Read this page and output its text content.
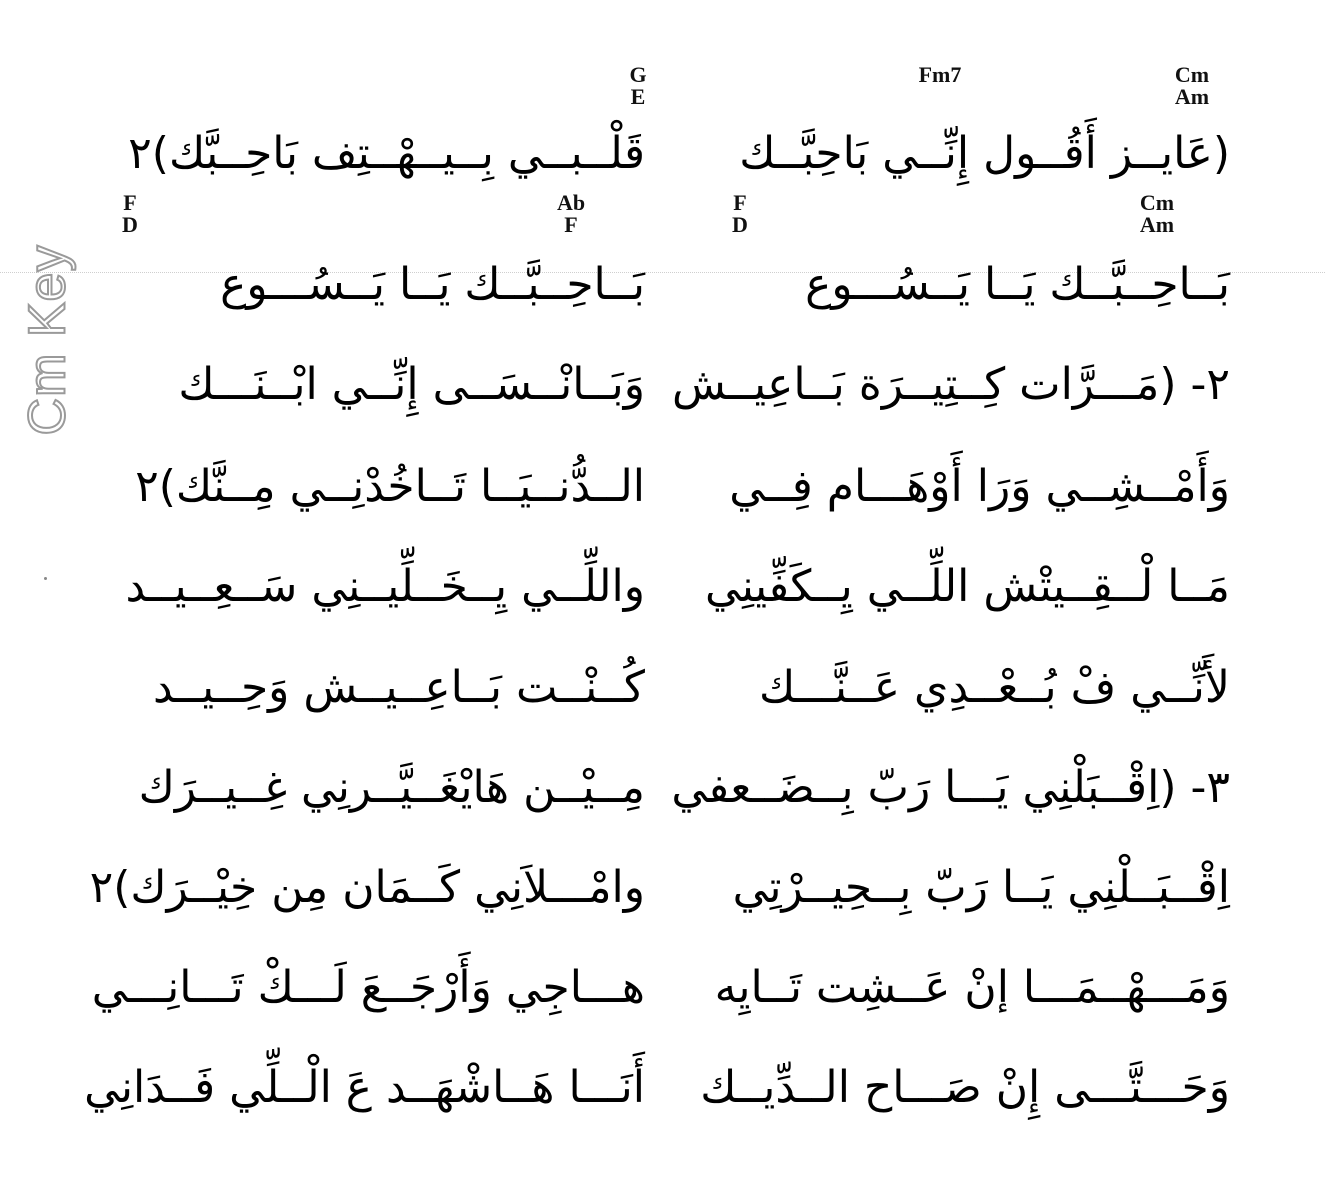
Cm Key
G
E
Fm7	Cm
Am
F
D
Ab
F
F
D
Cm
Am
(عَايــز أَقُــول إِنِّــي بَاحِبَّــك
قَلْــبــي بِــيــهْــتِف بَاحِــبَّك)٢
بَــاحِــبَّــك يَــا يَــسُـــوع
بَــاحِــبَّــك يَــا يَــسُـــوع
٢- (مَـــرَّات كِــتِيــرَة بَــاعِيــش
وَبَــانْــسَــى إِنِّــي ابْــنَـــك
وَأَمْــشِــي وَرَا أَوْهَـــام فِــي
الــدُّنــيَــا تَــاخُدْنِــي مِــنَّك)٢
مَــا لْــقِــيتْش اللِّــي يِــكَفِّينِي
واللِّــي يِــخَــلِّيــنِي سَــعِــيــد
لأَنِّــي فْ بُــعْــدِي عَــنَّـــك
كُــنْــت بَــاعِــيــش وَحِــيــد
٣- (اِقْــبَلْنِي يَـــا رَبّ بِــضَــعفي
مِــيْــن هَايْغَــيَّــرنِي غِــيــرَك
اِقْــبَــلْنِي يَــا رَبّ بِــحِيــرْتِي
وامْـــلاَنِي كَــمَان مِن خِيْــرَك)٢
وَمَـــهْــمَـــا إنْ عَــشِت تَــايِه
هـــاجِي وَأَرْجَــعَ لَـــكْ تَـــانِـــي
وَحَـــتَّـــى إِنْ صَـــاح الــدِّيــك
أَنَـــا هَــاشْهَــد عَ الْــلِّي فَــدَانِي
